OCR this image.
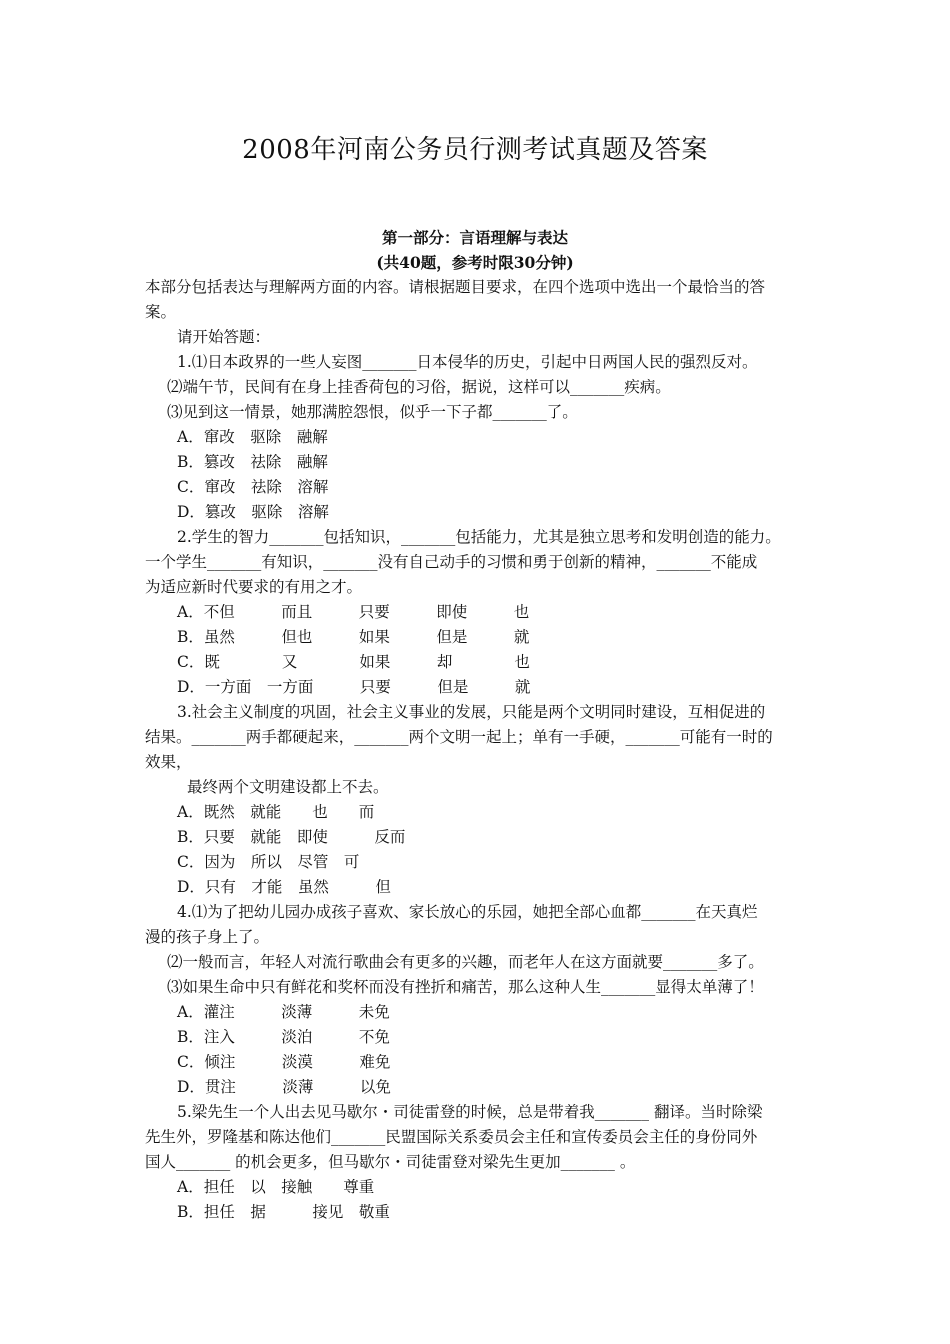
2008年河南公务员行测考试真题及答案
第一部分：言语理解与表达
(共40题，参考时限30分钟)
本部分包括表达与理解两方面的内容。请根据题目要求，在四个选项中选出一个最恰当的答
案。
请开始答题：
1.⑴日本政界的一些人妄图_______日本侵华的历史，引起中日两国人民的强烈反对。
⑵端午节，民间有在身上挂香荷包的习俗，据说，这样可以_______疾病。
⑶见到这一情景，她那满腔怨恨，似乎一下子都_______了。
A．窜改　驱除　融解
B．篡改　祛除　融解
C．窜改　祛除　溶解
D．篡改　驱除　溶解
2.学生的智力_______包括知识，_______包括能力，尤其是独立思考和发明创造的能力。
一个学生_______有知识，_______没有自己动手的习惯和勇于创新的精神，_______不能成
为适应新时代要求的有用之才。
A．不但　　　而且　　　只要　　　即使　　　也
B．虽然　　　但也　　　如果　　　但是　　　就
C．既　　　　又　　　　如果　　　却　　　　也
D．一方面　一方面　　　只要　　　但是　　　就
3.社会主义制度的巩固，社会主义事业的发展，只能是两个文明同时建设，互相促进的
结果。_______两手都硬起来，_______两个文明一起上；单有一手硬，_______可能有一时的
效果，
最终两个文明建设都上不去。
A．既然　就能　　也　　而
B．只要　就能　即使　　　反而
C．因为　所以　尽管　可
D．只有　才能　虽然　　　但
4.⑴为了把幼儿园办成孩子喜欢、家长放心的乐园，她把全部心血都_______在天真烂
漫的孩子身上了。
⑵一般而言，年轻人对流行歌曲会有更多的兴趣，而老年人在这方面就要_______多了。
⑶如果生命中只有鲜花和奖杯而没有挫折和痛苦，那么这种人生_______显得太单薄了！
A．灌注　　　淡薄　　　未免
B．注入　　　淡泊　　　不免
C．倾注　　　淡漠　　　难免
D．贯注　　　淡薄　　　以免
5.梁先生一个人出去见马歇尔・司徒雷登的时候，总是带着我_______ 翻译。当时除梁
先生外，罗隆基和陈达他们_______民盟国际关系委员会主任和宣传委员会主任的身份同外
国人_______ 的机会更多，但马歇尔・司徒雷登对梁先生更加_______ 。
A．担任　以　接触　　尊重
B．担任　据　　　接见　敬重
